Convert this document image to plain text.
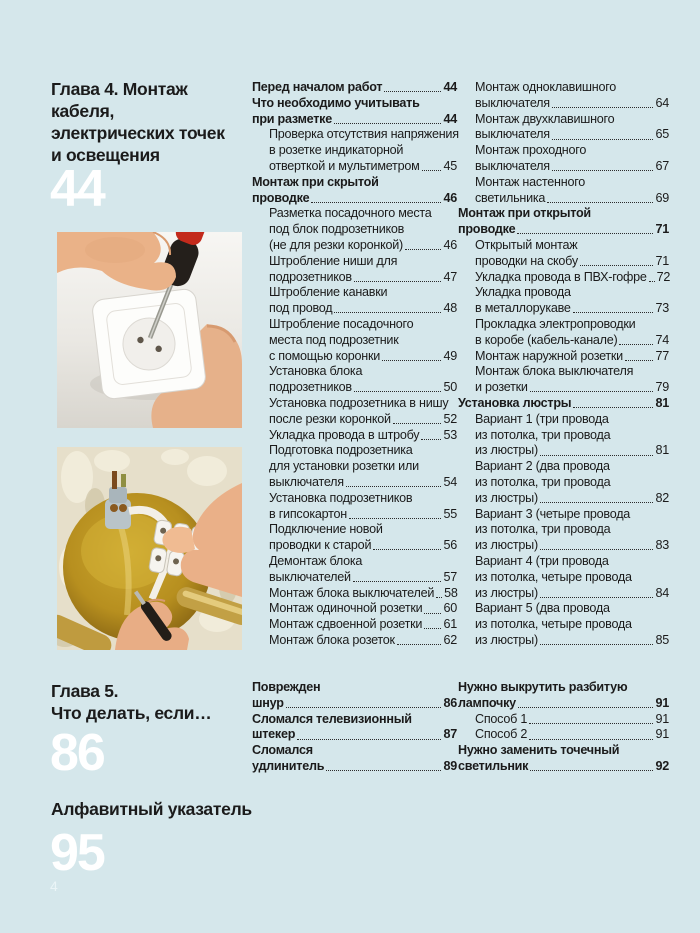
Глава 4. Монтаж кабеля,
электрических точек
и освещения
44
Глава 5.
Что делать, если…
86
Алфавитный указатель
95
4
Перед началом работ	44
Что необходимо учитывать
при разметке	44
Проверка отсутствия напряжения
в розетке индикаторной
отверткой и мультиметром 45
Монтаж при скрытой
проводке	46
Разметка посадочного места
под блок подрозетников
(не для резки коронкой)	46
Штробление ниши для
подрозетников	47
Штробление канавки
под провод	48
Штробление посадочного
места под подрозетник
с помощью коронки	49
Установка блока
подрозетников	50
Установка подрозетника в нишу
после резки коронкой	52
Укладка провода в штробу 53
Подготовка подрозетника
для установки розетки или
выключателя	54
Установка подрозетников
в гипсокартон	55
Подключение новой
проводки к старой	56
Демонтаж блока
выключателей	57
Монтаж блока выключателей 58
Монтаж одиночной розетки 60
Монтаж сдвоенной розетки 61
Монтаж блока розеток	62
Монтаж одноклавишного
выключателя	64
Монтаж двухклавишного
выключателя	65
Монтаж проходного
выключателя	67
Монтаж настенного
светильника	69
Монтаж при открытой
проводке	71
Открытый монтаж
проводки на скобу	71
Укладка провода в ПВХ-гофре 72
Укладка провода
в металлорукаве	73
Прокладка электропроводки
в коробе (кабель-канале)	74
Монтаж наружной розетки	77
Монтаж блока выключателя
и розетки	79
Установка люстры	81
Вариант 1 (три провода
из потолка, три провода
из люстры)	81
Вариант 2 (два провода
из потолка, три провода
из люстры)	82
Вариант 3 (четыре провода
из потолка, три провода
из люстры)	83
Вариант 4 (три провода
из потолка, четыре провода
из люстры)	84
Вариант 5 (два провода
из потолка, четыре провода
из люстры)	85
Поврежден
шнур	86
Сломался телевизионный
штекер	87
Сломался
удлинитель	89
Нужно выкрутить разбитую
лампочку	91
Способ 1	91
Способ 2	91
Нужно заменить точечный
светильник	92
